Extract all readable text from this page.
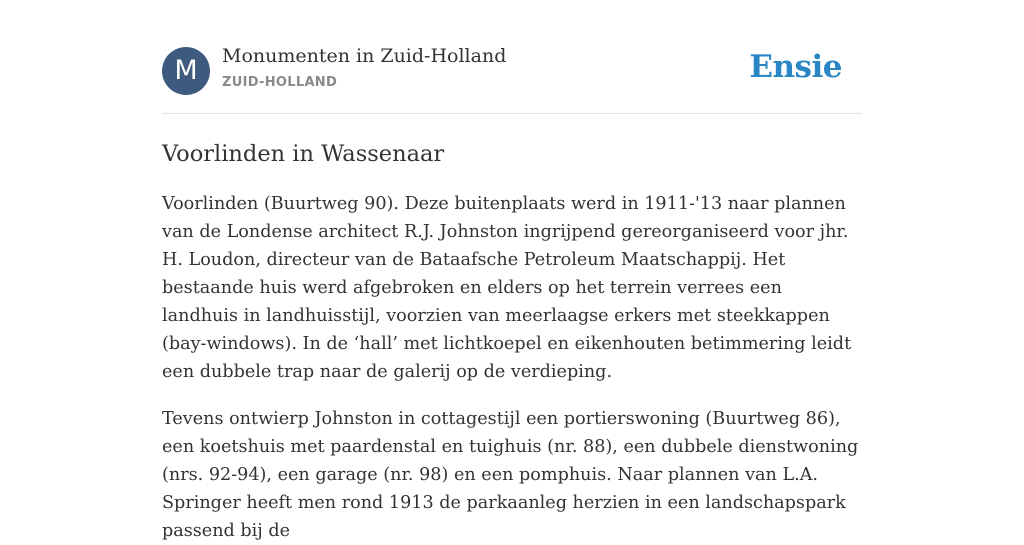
M	Monumenten in Zuid-Holland
ZUID-HOLLAND	Ensie
Voorlinden in Wassenaar

Voorlinden (Buurtweg 90). Deze buitenplaats werd in 1911-'13 naar plannen van de Londense architect R.J. Johnston ingrijpend gereorganiseerd voor jhr. H. Loudon, directeur van de Bataafsche Petroleum Maatschappij. Het bestaande huis werd afgebroken en elders op het terrein verrees een landhuis in landhuisstijl, voorzien van meerlaagse erkers met steekkappen (bay-windows). In de ‘hall’ met lichtkoepel en eikenhouten betimmering leidt een dubbele trap naar de galerij op de verdieping.

Tevens ontwierp Johnston in cottagestijl een portierswoning (Buurtweg 86), een koetshuis met paardenstal en tuighuis (nr. 88), een dubbele dienstwoning (nrs. 92-94), een garage (nr. 98) en een pomphuis. Naar plannen van L.A. Springer heeft men rond 1913 de parkaanleg herzien in een landschapspark passend bij de
